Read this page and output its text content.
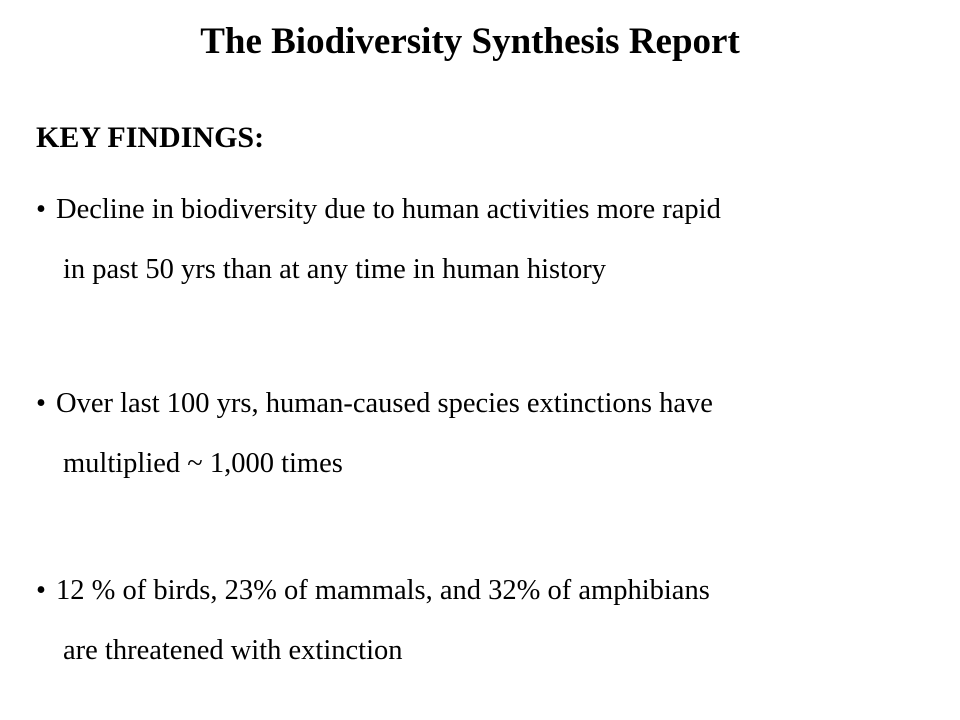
The Biodiversity Synthesis Report
KEY FINDINGS:
• Decline in biodiversity due to human activities more rapid
in past 50 yrs than at any time in human history
• Over last 100 yrs, human-caused species extinctions have
multiplied ~ 1,000 times
• 12 % of birds, 23% of mammals, and 32% of amphibians
are threatened with extinction
